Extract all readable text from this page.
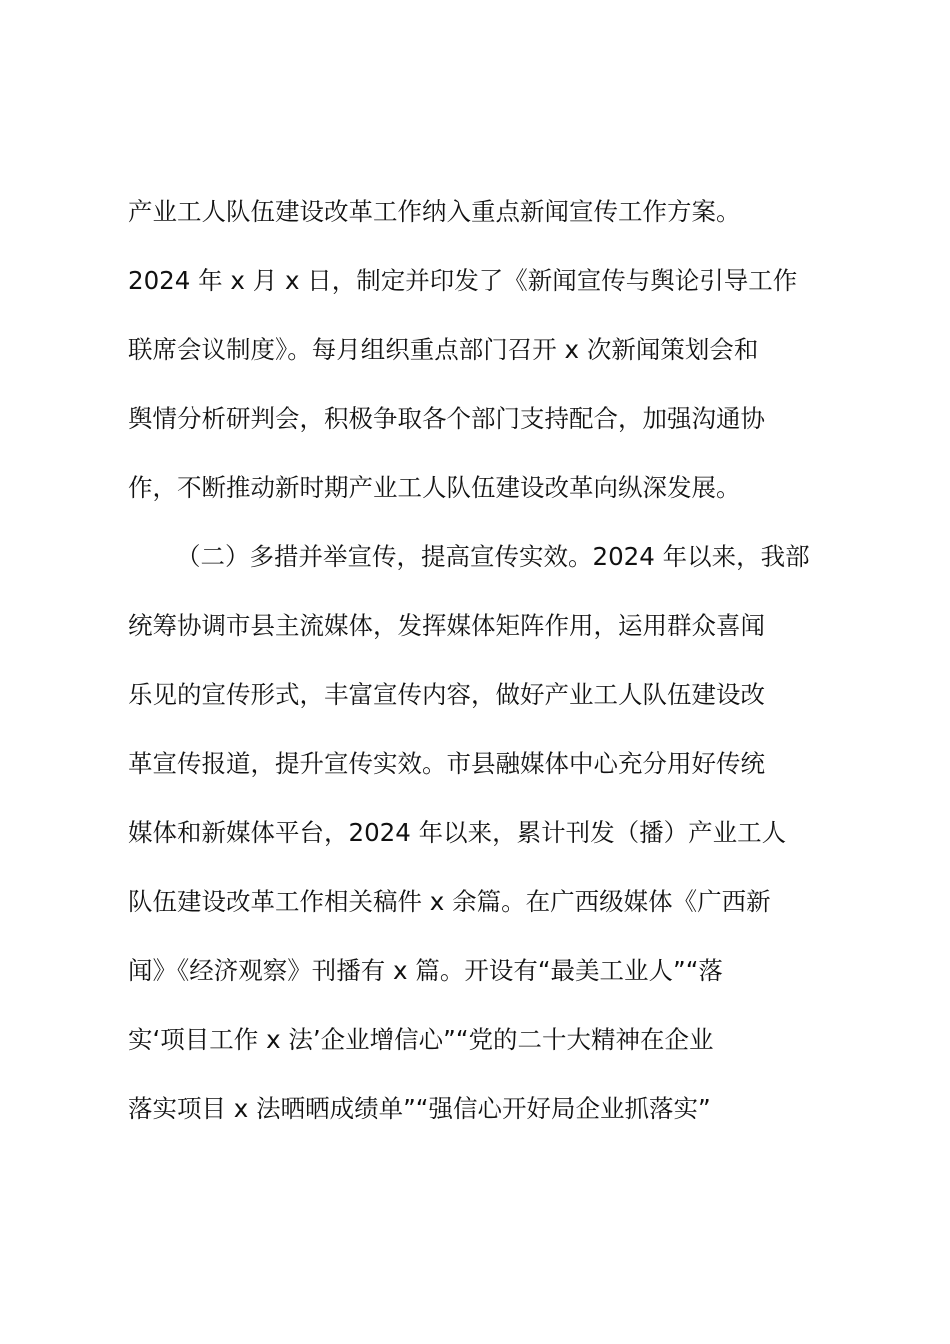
产业工人队伍建设改革工作纳入重点新闻宣传工作方案。
2024 年 x 月 x 日，制定并印发了《新闻宣传与舆论引导工作
联席会议制度》。每月组织重点部门召开 x 次新闻策划会和
舆情分析研判会，积极争取各个部门支持配合，加强沟通协
作，不断推动新时期产业工人队伍建设改革向纵深发展。
（二）多措并举宣传，提高宣传实效。2024 年以来，我部
统筹协调市县主流媒体，发挥媒体矩阵作用，运用群众喜闻
乐见的宣传形式，丰富宣传内容，做好产业工人队伍建设改
革宣传报道，提升宣传实效。市县融媒体中心充分用好传统
媒体和新媒体平台，2024 年以来，累计刊发（播）产业工人
队伍建设改革工作相关稿件 x 余篇。在广西级媒体《广西新
闻》《经济观察》刊播有 x 篇。开设有“最美工业人”“落
实‘项目工作 x 法’企业增信心”“党的二十大精神在企业
落实项目 x 法晒晒成绩单”“强信心开好局企业抓落实”
